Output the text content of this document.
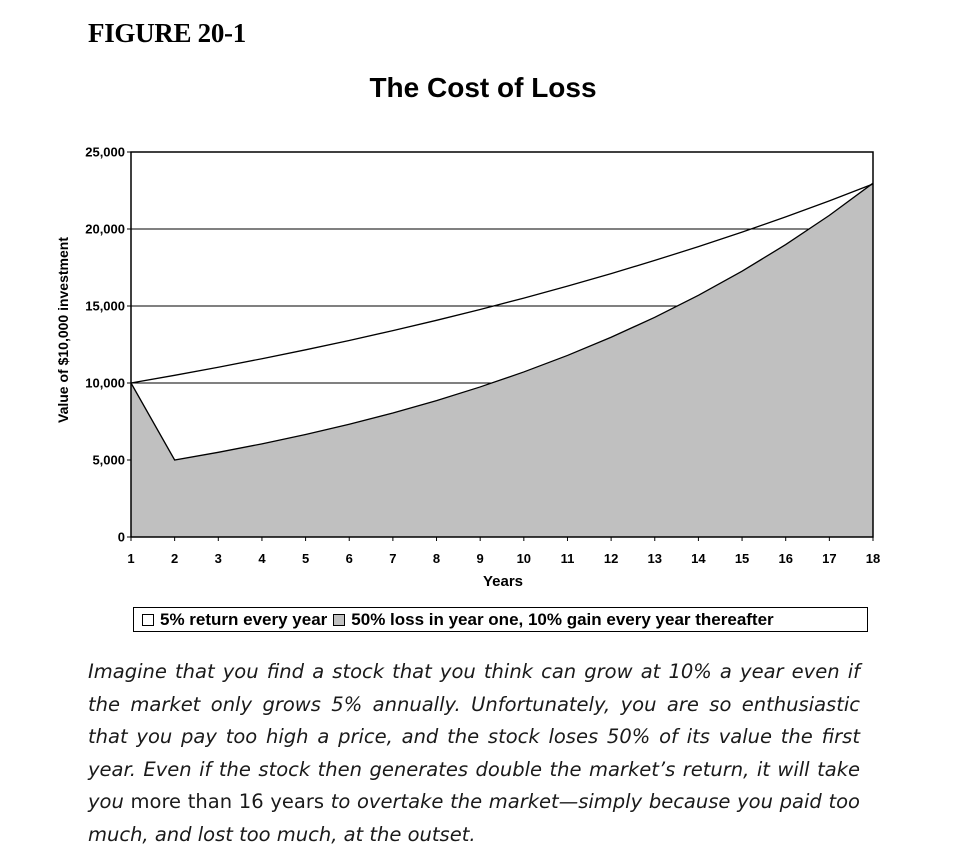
FIGURE 20-1
The Cost of Loss
0
5,000
10,000
15,000
20,000
25,000
1	2	3	4	5	6	7	8	9	10 11 12 13 14 15 16 17 18
Value of $10,000 investment
Years
5% return every year 50% loss in year one, 10% gain every year thereafter
Imagine that you find a stock that you think can grow at 10% a year even if the market only grows 5% annually. Unfortunately, you are so enthusiastic that you pay too high a price, and the stock loses 50% of its value the first year. Even if the stock then generates double the market’s return, it will take you more than 16 years to overtake the market—simply because you paid too much, and lost too much, at the outset.
